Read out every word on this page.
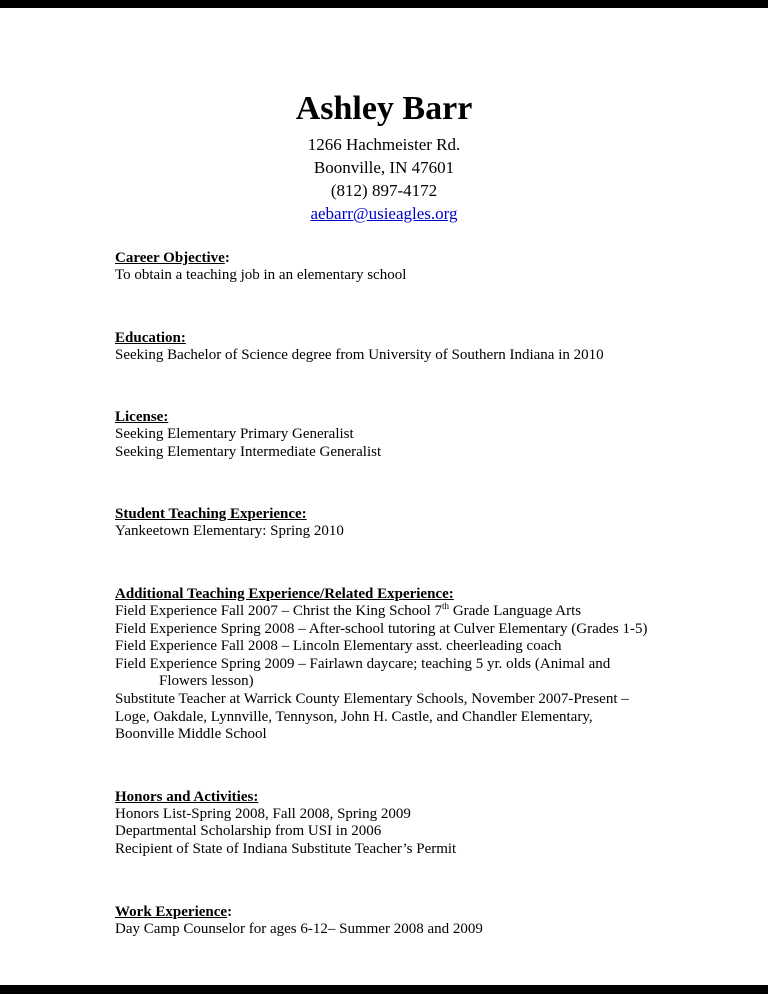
Ashley Barr
1266 Hachmeister Rd.
Boonville, IN 47601
(812) 897-4172
aebarr@usieagles.org
Career Objective:

To obtain a teaching job in an elementary school

Education:

Seeking Bachelor of Science degree from University of Southern Indiana in 2010

License:

Seeking Elementary Primary Generalist

Seeking Elementary Intermediate Generalist

Student Teaching Experience:

Yankeetown Elementary: Spring 2010

Additional Teaching Experience/Related Experience:

Field Experience Fall 2007 – Christ the King School 7th Grade Language Arts

Field Experience Spring 2008 – After-school tutoring at Culver Elementary (Grades 1-5)

Field Experience Fall 2008 – Lincoln Elementary asst. cheerleading coach

Field Experience Spring 2009 – Fairlawn daycare; teaching 5 yr. olds (Animal and

Flowers lesson)

Substitute Teacher at Warrick County Elementary Schools, November 2007-Present –

Loge, Oakdale, Lynnville, Tennyson, John H. Castle, and Chandler Elementary,

Boonville Middle School

Honors and Activities:

Honors List-Spring 2008, Fall 2008, Spring 2009

Departmental Scholarship from USI in 2006

Recipient of State of Indiana Substitute Teacher’s Permit

Work Experience:

Day Camp Counselor for ages 6-12– Summer 2008 and 2009
